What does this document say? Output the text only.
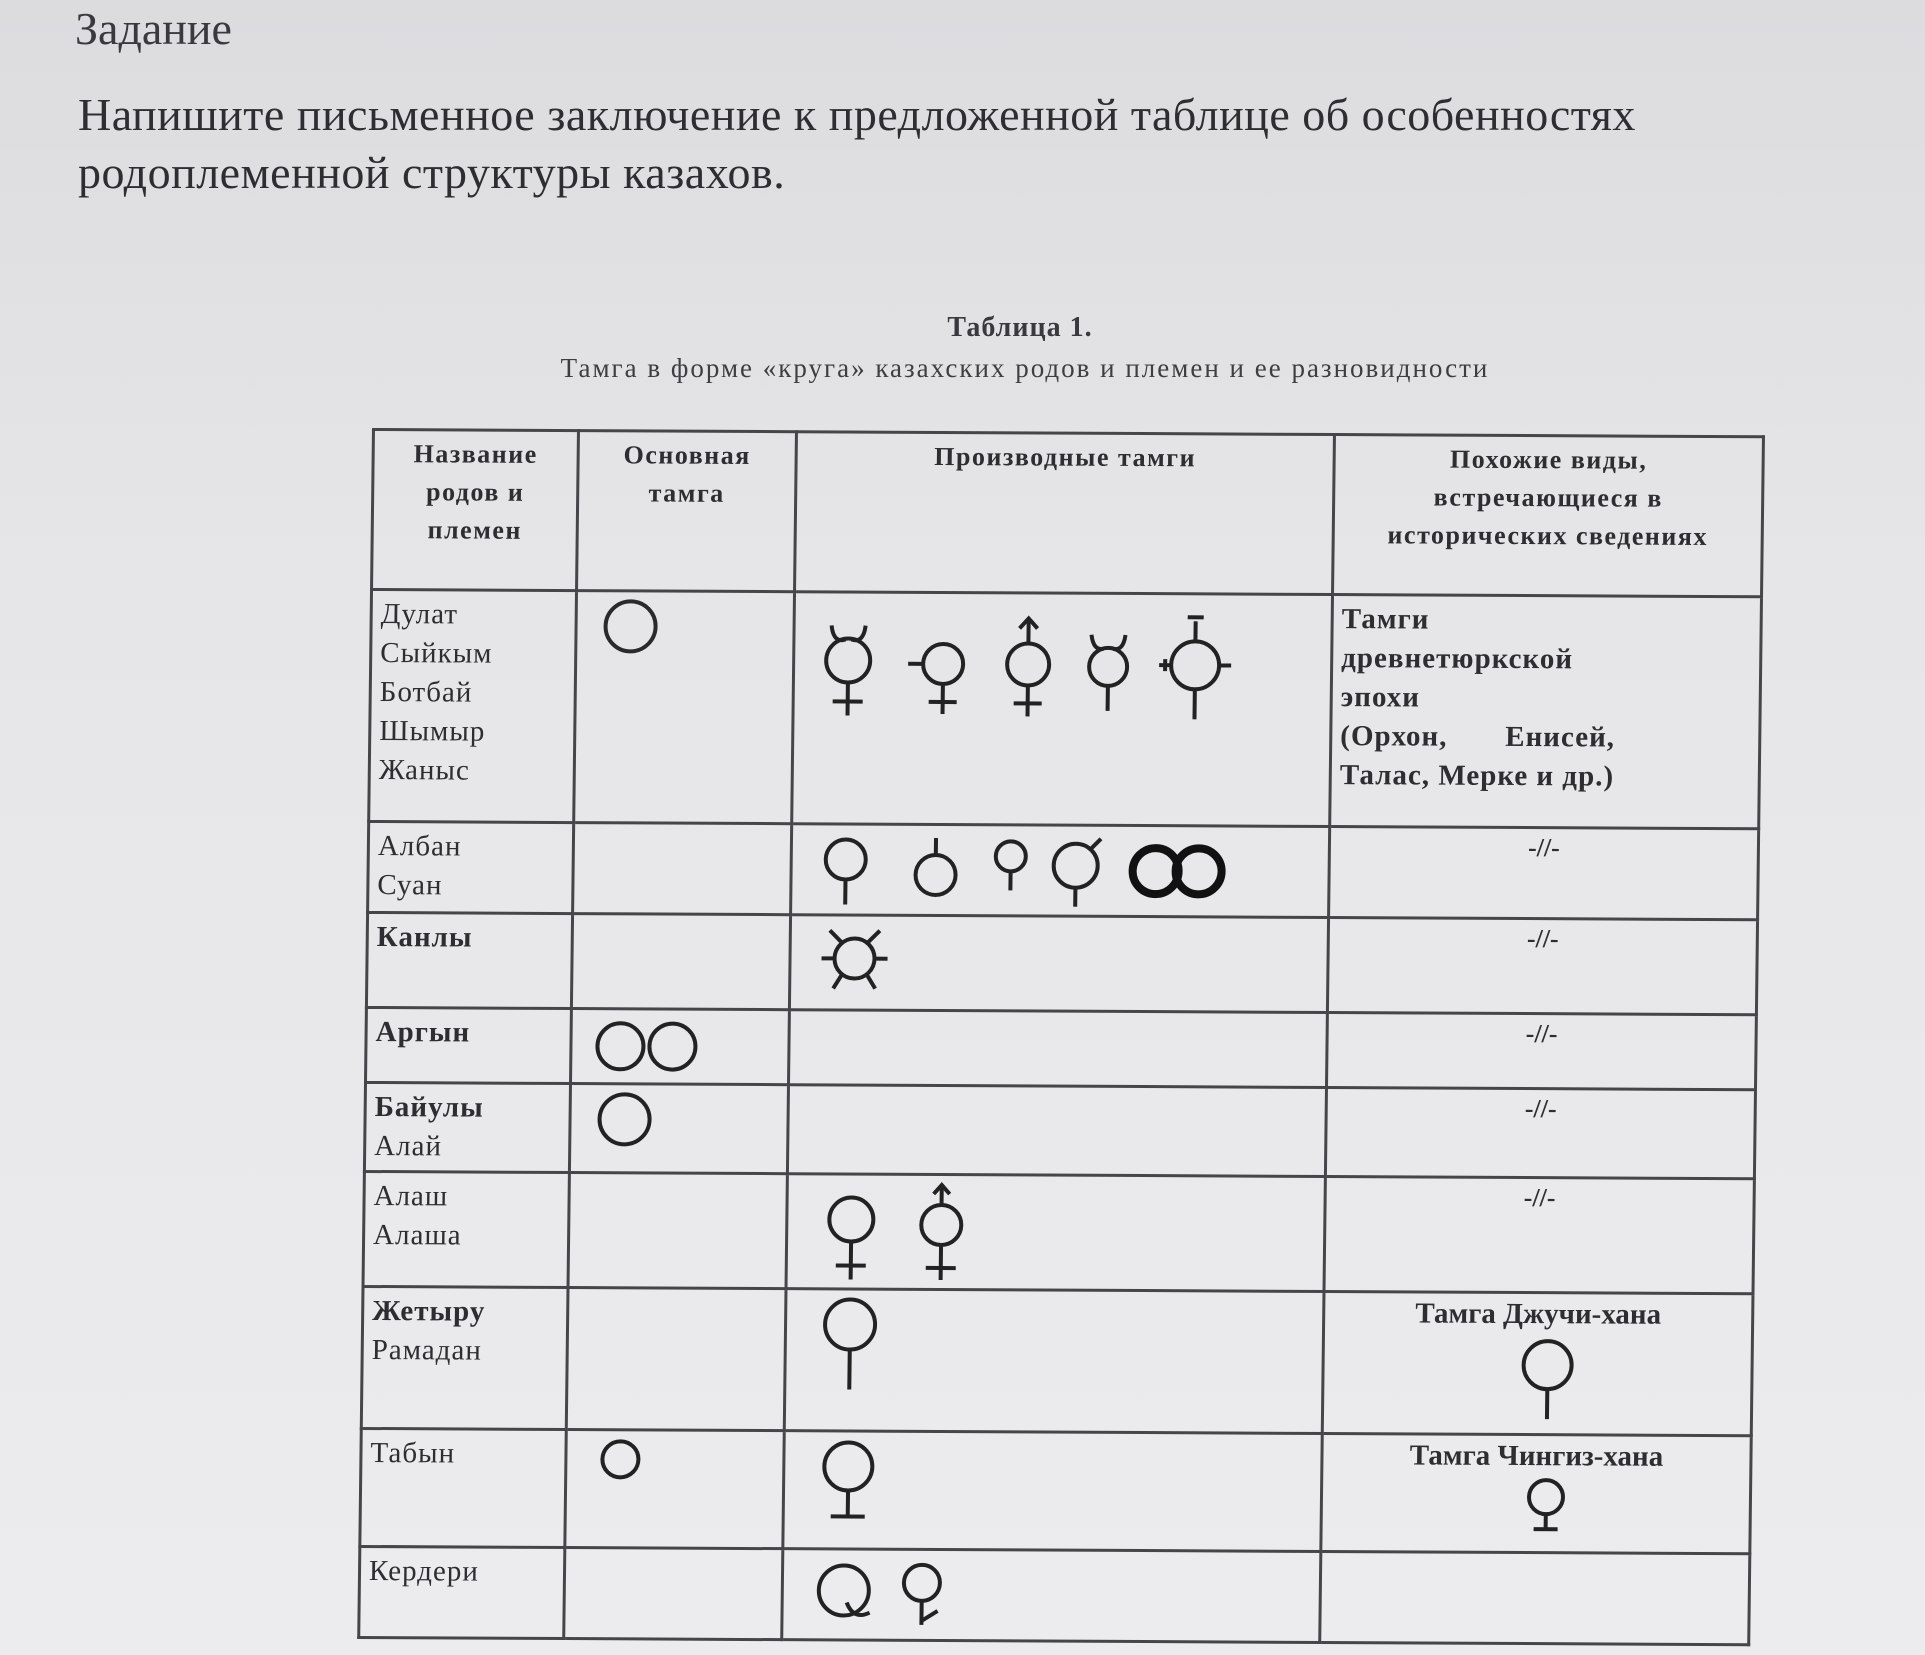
Задание
Напишите письменное заключение к предложенной таблице об особенностях родоплеменной структуры казахов.
Таблица 1.
Тамга в форме «круга» казахских родов и племен и ее разновидности
Название родов и племен	Основная тамга	Производные тамги	Похожие виды, встречающиеся в исторических сведениях

Дулат
Сыйкым
Ботбай
Шымыр
Жаныс			Тамги
древнетюркской
эпохи
(Орхон,       Енисей,
Талас, Мерке и др.)

Албан
Суан			-//-

Канлы			-//-

Аргын			-//-

Байулы
Алай			-//-

Алаш
Алаша			-//-

Жетыру
Рамадан			Тамга Джучи-хана

Табын			Тамга Чингиз-хана

Кердери
